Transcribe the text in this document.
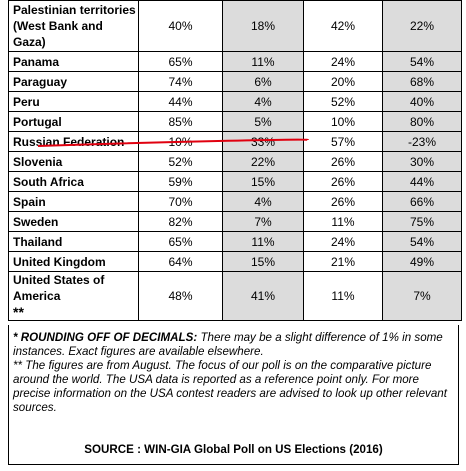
Palestinian territories (West Bank and Gaza)	40%	18%	42%	22%
Panama	65%	11%	24%	54%
Paraguay	74%	6%	20%	68%
Peru	44%	4%	52%	40%
Portugal	85%	5%	10%	80%
Russian Federation	10%	33%	57%	-23%
Slovenia	52%	22%	26%	30%
South Africa	59%	15%	26%	44%
Spain	70%	4%	26%	66%
Sweden	82%	7%	11%	75%
Thailand	65%	11%	24%	54%
United Kingdom	64%	15%	21%	49%
United States of America**	48%	41%	11%	7%
* ROUNDING OFF OF DECIMALS: There may be a slight difference of 1% in some instances. Exact figures are available elsewhere.
** The figures are from August. The focus of our poll is on the comparative picture around the world. The USA data is reported as a reference point only. For more precise information on the USA contest readers are advised to look up other relevant sources.
SOURCE : WIN-GIA Global Poll on US Elections (2016)
